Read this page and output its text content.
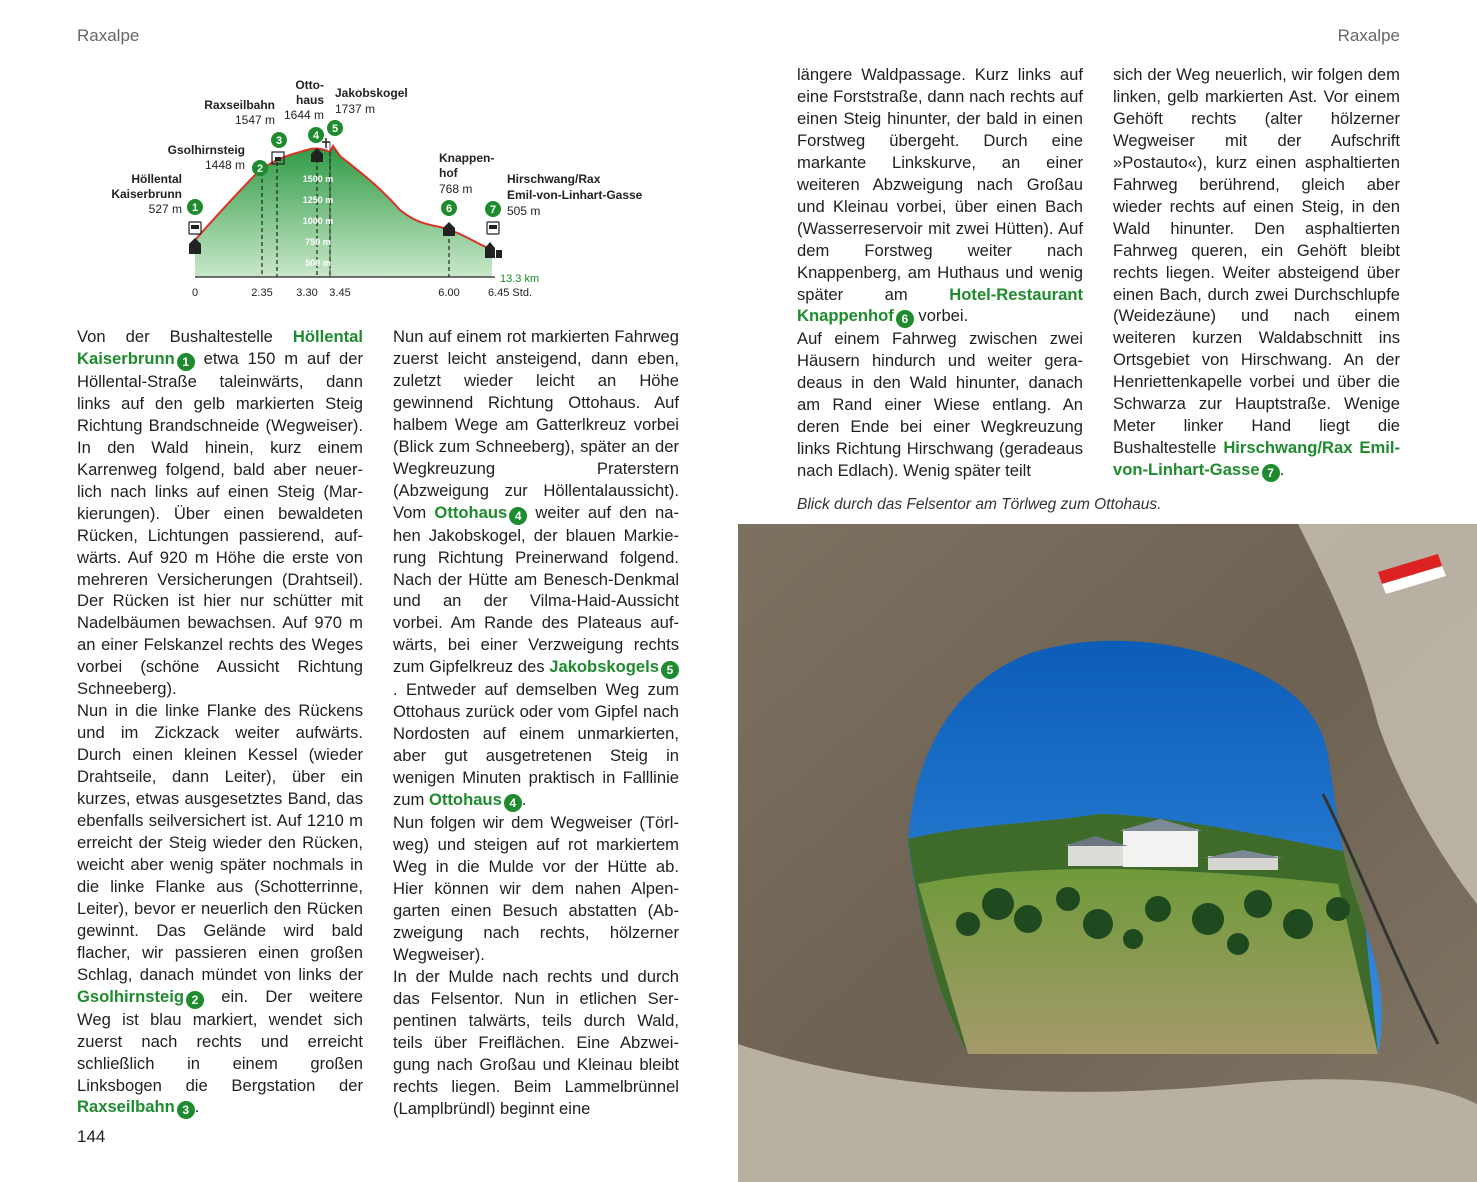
Raxalpe	Raxalpe
1500 m
1250 m
1000 m
750 m
500 m
0	2.35 3.30 3.45	6.00	6.45 Std.
13.3 km
1
2
3	4
5
6	7
Höllental
Kaiserbrunn
527 m
Gsolhirnsteig
1448 m
Raxseilbahn
1547 m
Otto-
haus
1644 m
Jakobskogel
1737 m
Knappen-
hof
768 m
Hirschwang/Rax
Emil-von-Linhart-Gasse
505 m

Von der Bushaltestelle Höllental Kaiserbrunn 1 etwa 150 m auf der Höllental-Straße taleinwärts, dann links auf den gelb markierten Steig Richtung Brandschneide (Wegweiser). In den Wald hinein, kurz einem Karrenweg folgend, bald aber neuerlich nach links auf einen Steig (Markierungen). Über einen bewaldeten Rücken, Lichtungen passierend, aufwärts. Auf 920 m Höhe die erste von mehreren Versicherungen (Drahtseil). Der Rücken ist hier nur schütter mit Nadelbäumen bewachsen. Auf 970 m an einer Felskanzel rechts des Weges vorbei (schöne Aussicht Richtung Schneeberg).

Nun in die linke Flanke des Rückens und im Zickzack weiter aufwärts. Durch einen kleinen Kessel (wieder Drahtseile, dann Leiter), über ein kurzes, etwas ausgesetztes Band, das ebenfalls seilversichert ist. Auf 1210 m erreicht der Steig wieder den Rücken, weicht aber wenig später nochmals in die linke Flanke aus (Schotterrinne, Leiter), bevor er neuerlich den Rücken gewinnt. Das Gelände wird bald flacher, wir passieren einen großen Schlag, danach mündet von links der Gsolhirnsteig 2 ein. Der weitere Weg ist blau markiert, wendet sich zuerst nach rechts und erreicht schließlich in einem großen Linksbogen die Bergstation der Raxseilbahn 3 .

Nun auf einem rot markierten Fahrweg zuerst leicht ansteigend, dann eben, zuletzt wieder leicht an Höhe gewinnend Richtung Ottohaus. Auf halbem Wege am Gatterlkreuz vorbei (Blick zum Schneeberg), später an der Wegkreuzung Praterstern (Abzweigung zur Höllentalaussicht). Vom Ottohaus 4 weiter auf den nahen Jakobskogel, der blauen Markierung Richtung Preinerwand folgend. Nach der Hütte am Benesch-Denkmal und an der Vilma-Haid-Aussicht vorbei. Am Rande des Plateaus aufwärts, bei einer Verzweigung rechts zum Gipfelkreuz des Jakobskogels 5. Entweder auf demselben Weg zum Ottohaus zurück oder vom Gipfel nach Nordosten auf einem unmarkierten, aber gut ausgetretenen Steig in wenigen Minuten praktisch in Falllinie zum Ottohaus 4 .

Nun folgen wir dem Wegweiser (Törlweg) und steigen auf rot markiertem Weg in die Mulde vor der Hütte ab. Hier können wir dem nahen Alpengarten einen Besuch abstatten (Abzweigung nach rechts, hölzerner Wegweiser).

In der Mulde nach rechts und durch das Felsentor. Nun in etlichen Serpentinen talwärts, teils durch Wald, teils über Freiflächen. Eine Abzweigung nach Großau und Kleinau bleibt rechts liegen. Beim Lammelbrünnel (Lamplbründl) beginnt eine

längere Waldpassage. Kurz links auf eine Forststraße, dann nach rechts auf einen Steig hinunter, der bald in einen Forstweg übergeht. Durch eine markante Linkskurve, an einer weiteren Abzweigung nach Großau und Kleinau vorbei, über einen Bach (Wasserreservoir mit zwei Hütten). Auf dem Forstweg weiter nach Knappenberg, am Huthaus und wenig später am Hotel-Restaurant Knappenhof 6 vorbei.

Auf einem Fahrweg zwischen zwei Häusern hindurch und weiter geradeaus in den Wald hinunter, danach am Rand einer Wiese entlang. An deren Ende bei einer Wegkreuzung links Richtung Hirschwang (geradeaus nach Edlach). Wenig später teilt

sich der Weg neuerlich, wir folgen dem linken, gelb markierten Ast. Vor einem Gehöft rechts (alter hölzerner Wegweiser mit der Aufschrift »Postauto«), kurz einen asphaltierten Fahrweg berührend, gleich aber wieder rechts auf einen Steig, in den Wald hinunter. Den asphaltierten Fahrweg queren, ein Gehöft bleibt rechts liegen. Weiter absteigend über einen Bach, durch zwei Durchschlupfe (Weidezäune) und nach einem weiteren kurzen Waldabschnitt ins Ortsgebiet von Hirschwang. An der Henriettenkapelle vorbei und über die Schwarza zur Hauptstraße. Wenige Meter linker Hand liegt die Bushaltestelle Hirschwang/Rax Emil-von-Linhart-Gasse 7 .

144
Blick durch das Felsentor am Törlweg zum Ottohaus.
